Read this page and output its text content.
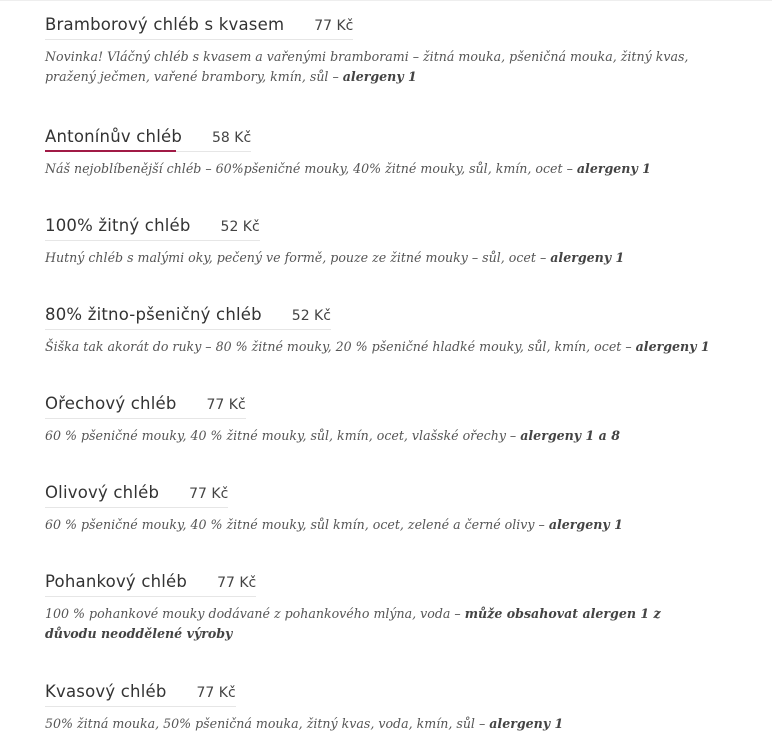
Bramborový chléb s kvasem 77 Kč
Novinka! Vláčný chléb s kvasem a vařenými bramborami – žitná mouka, pšeničná mouka, žitný kvas, pražený ječmen, vařené brambory, kmín, sůl – alergeny 1
Antonínův chléb 58 Kč
Náš nejoblíbenější chléb – 60%pšeničné mouky, 40% žitné mouky, sůl, kmín, ocet – alergeny 1
100% žitný chléb 52 Kč
Hutný chléb s malými oky, pečený ve formě, pouze ze žitné mouky – sůl, ocet – alergeny 1
80% žitno-pšeničný chléb 52 Kč
Šiška tak akorát do ruky – 80 % žitné mouky, 20 % pšeničné hladké mouky, sůl, kmín, ocet – alergeny 1
Ořechový chléb 77 Kč
60 % pšeničné mouky, 40 % žitné mouky, sůl, kmín, ocet, vlašské ořechy – alergeny 1 a 8
Olivový chléb 77 Kč
60 % pšeničné mouky, 40 % žitné mouky, sůl kmín, ocet, zelené a černé olivy – alergeny 1
Pohankový chléb 77 Kč
100 % pohankové mouky dodávané z pohankového mlýna, voda – může obsahovat alergen 1 z důvodu neoddělené výroby
Kvasový chléb 77 Kč
50% žitná mouka, 50% pšeničná mouka, žitný kvas, voda, kmín, sůl – alergeny 1
